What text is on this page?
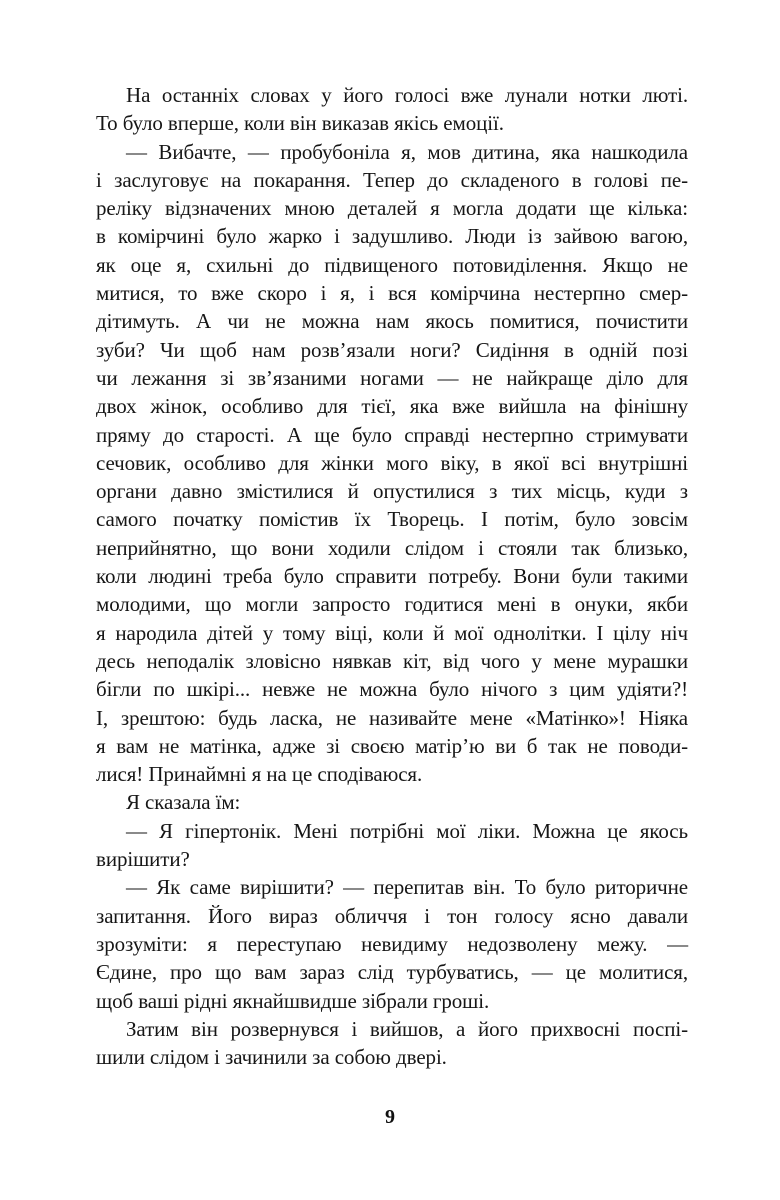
На останніх словах у його голосі вже лунали нотки люті.
То було вперше, коли він виказав якісь емоції.
— Вибачте, — пробубоніла я, мов дитина, яка нашкодила
і заслуговує на покарання. Тепер до складеного в голові пе-
реліку відзначених мною деталей я могла додати ще кілька:
в комірчині було жарко і задушливо. Люди із зайвою вагою,
як оце я, схильні до підвищеного потовиділення. Якщо не
митися, то вже скоро і я, і вся комірчина нестерпно смер-
дітимуть. А чи не можна нам якось помитися, почистити
зуби? Чи щоб нам розв’язали ноги? Сидіння в одній позі
чи лежання зі зв’язаними ногами — не найкраще діло для
двох жінок, особливо для тієї, яка вже вийшла на фінішну
пряму до старості. А ще було справді нестерпно стримувати
сечовик, особливо для жінки мого віку, в якої всі внутрішні
органи давно змістилися й опустилися з тих місць, куди з
самого початку помістив їх Творець. І потім, було зовсім
неприйнятно, що вони ходили слідом і стояли так близько,
коли людині треба було справити потребу. Вони були такими
молодими, що могли запросто годитися мені в онуки, якби
я народила дітей у тому віці, коли й мої однолітки. І цілу ніч
десь неподалік зловісно нявкав кіт, від чого у мене мурашки
бігли по шкірі... невже не можна було нічого з цим удіяти?!
І, зрештою: будь ласка, не називайте мене «Матінко»! Ніяка
я вам не матінка, адже зі своєю матір’ю ви б так не поводи-
лися! Принаймні я на це сподіваюся.
Я сказала їм:
— Я гіпертонік. Мені потрібні мої ліки. Можна це якось
вирішити?
— Як саме вирішити? — перепитав він. То було риторичне
запитання. Його вираз обличчя і тон голосу ясно давали
зрозуміти: я переступаю невидиму недозволену межу. —
Єдине, про що вам зараз слід турбуватись, — це молитися,
щоб ваші рідні якнайшвидше зібрали гроші.
Затим він розвернувся і вийшов, а його прихвосні поспі-
шили слідом і зачинили за собою двері.
9
